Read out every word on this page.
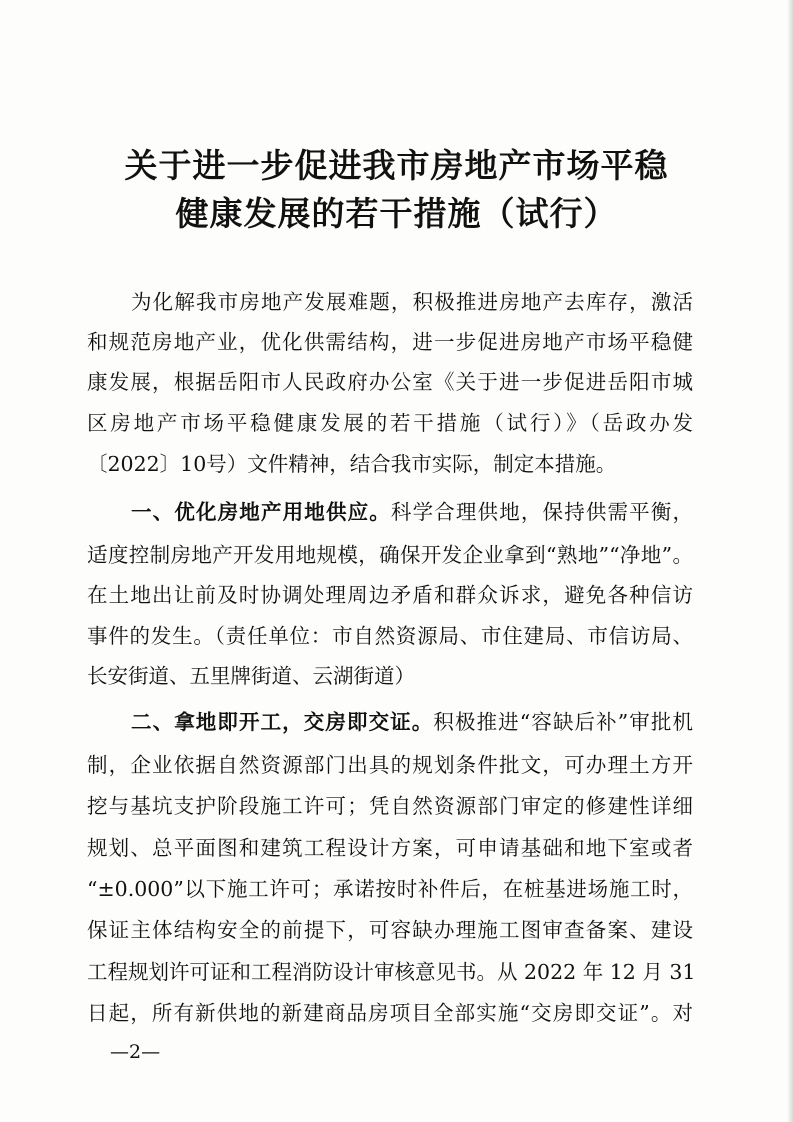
关于进一步促进我市房地产市场平稳
健康发展的若干措施（试行）
为化解我市房地产发展难题，积极推进房地产去库存，激活
和规范房地产业，优化供需结构，进一步促进房地产市场平稳健
康发展，根据岳阳市人民政府办公室《关于进一步促进岳阳市城
区房地产市场平稳健康发展的若干措施（试行）》（岳政办发
〔2022〕10号）文件精神，结合我市实际，制定本措施。
一、优化房地产用地供应。科学合理供地，保持供需平衡，
适度控制房地产开发用地规模，确保开发企业拿到“熟地”“净地”。
在土地出让前及时协调处理周边矛盾和群众诉求，避免各种信访
事件的发生。（责任单位：市自然资源局、市住建局、市信访局、
长安街道、五里牌街道、云湖街道）
二、拿地即开工，交房即交证。积极推进“容缺后补”审批机
制，企业依据自然资源部门出具的规划条件批文，可办理土方开
挖与基坑支护阶段施工许可；凭自然资源部门审定的修建性详细
规划、总平面图和建筑工程设计方案，可申请基础和地下室或者
“±0.000”以下施工许可；承诺按时补件后，在桩基进场施工时，
保证主体结构安全的前提下，可容缺办理施工图审查备案、建设
工程规划许可证和工程消防设计审核意见书。从 2022 年 12 月 31
日起，所有新供地的新建商品房项目全部实施“交房即交证”。对
—2—
